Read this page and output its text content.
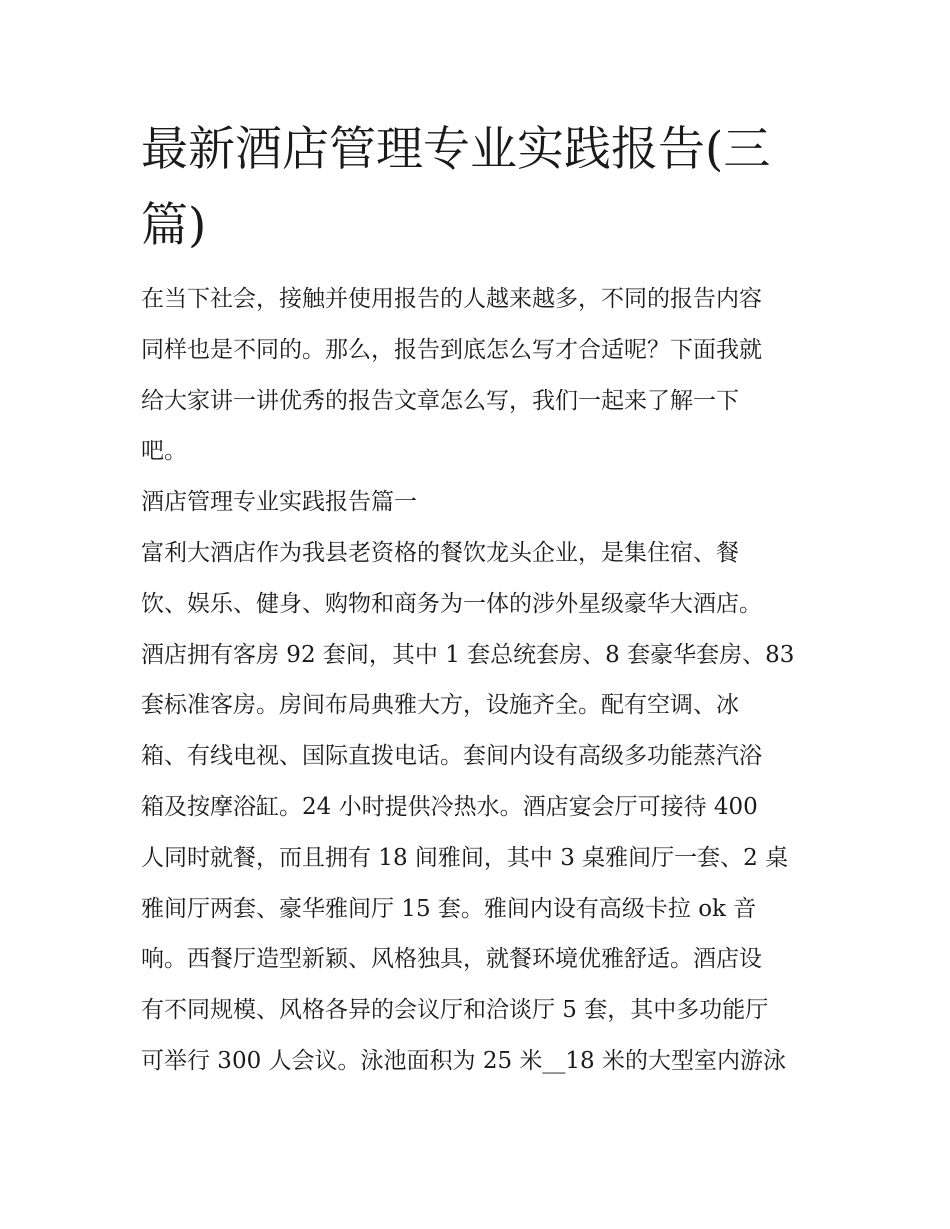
最新酒店管理专业实践报告(三
篇)
在当下社会，接触并使用报告的人越来越多，不同的报告内容
同样也是不同的。那么，报告到底怎么写才合适呢？下面我就
给大家讲一讲优秀的报告文章怎么写，我们一起来了解一下
吧。
酒店管理专业实践报告篇一
富利大酒店作为我县老资格的餐饮龙头企业，是集住宿、餐
饮、娱乐、健身、购物和商务为一体的涉外星级豪华大酒店。
酒店拥有客房 92 套间，其中 1 套总统套房、8 套豪华套房、83
套标准客房。房间布局典雅大方，设施齐全。配有空调、冰
箱、有线电视、国际直拨电话。套间内设有高级多功能蒸汽浴
箱及按摩浴缸。24 小时提供冷热水。酒店宴会厅可接待 400
人同时就餐，而且拥有 18 间雅间，其中 3 桌雅间厅一套、2 桌
雅间厅两套、豪华雅间厅 15 套。雅间内设有高级卡拉 ok 音
响。西餐厅造型新颖、风格独具，就餐环境优雅舒适。酒店设
有不同规模、风格各异的会议厅和洽谈厅 5 套，其中多功能厅
可举行 300 人会议。泳池面积为 25 米__18 米的大型室内游泳
